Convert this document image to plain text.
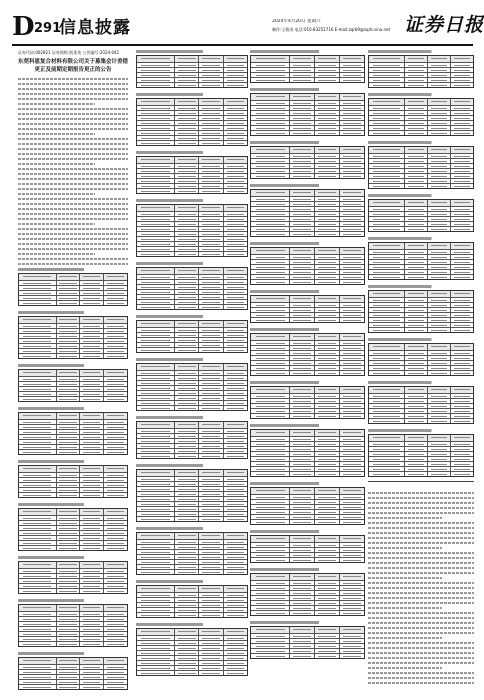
D 291
信息披露	2024年4月20日 星期六
制作:王敬涛 电话:010-83251716 E-mail:zqrb9@zqrb.sina.net 证券日报
证券代码:002821 证券简称:凯莱英 公告编号:2024-041
东莞科恩复合材料有限公司关于募集会计差错更正及前期定期报告更正的公告
